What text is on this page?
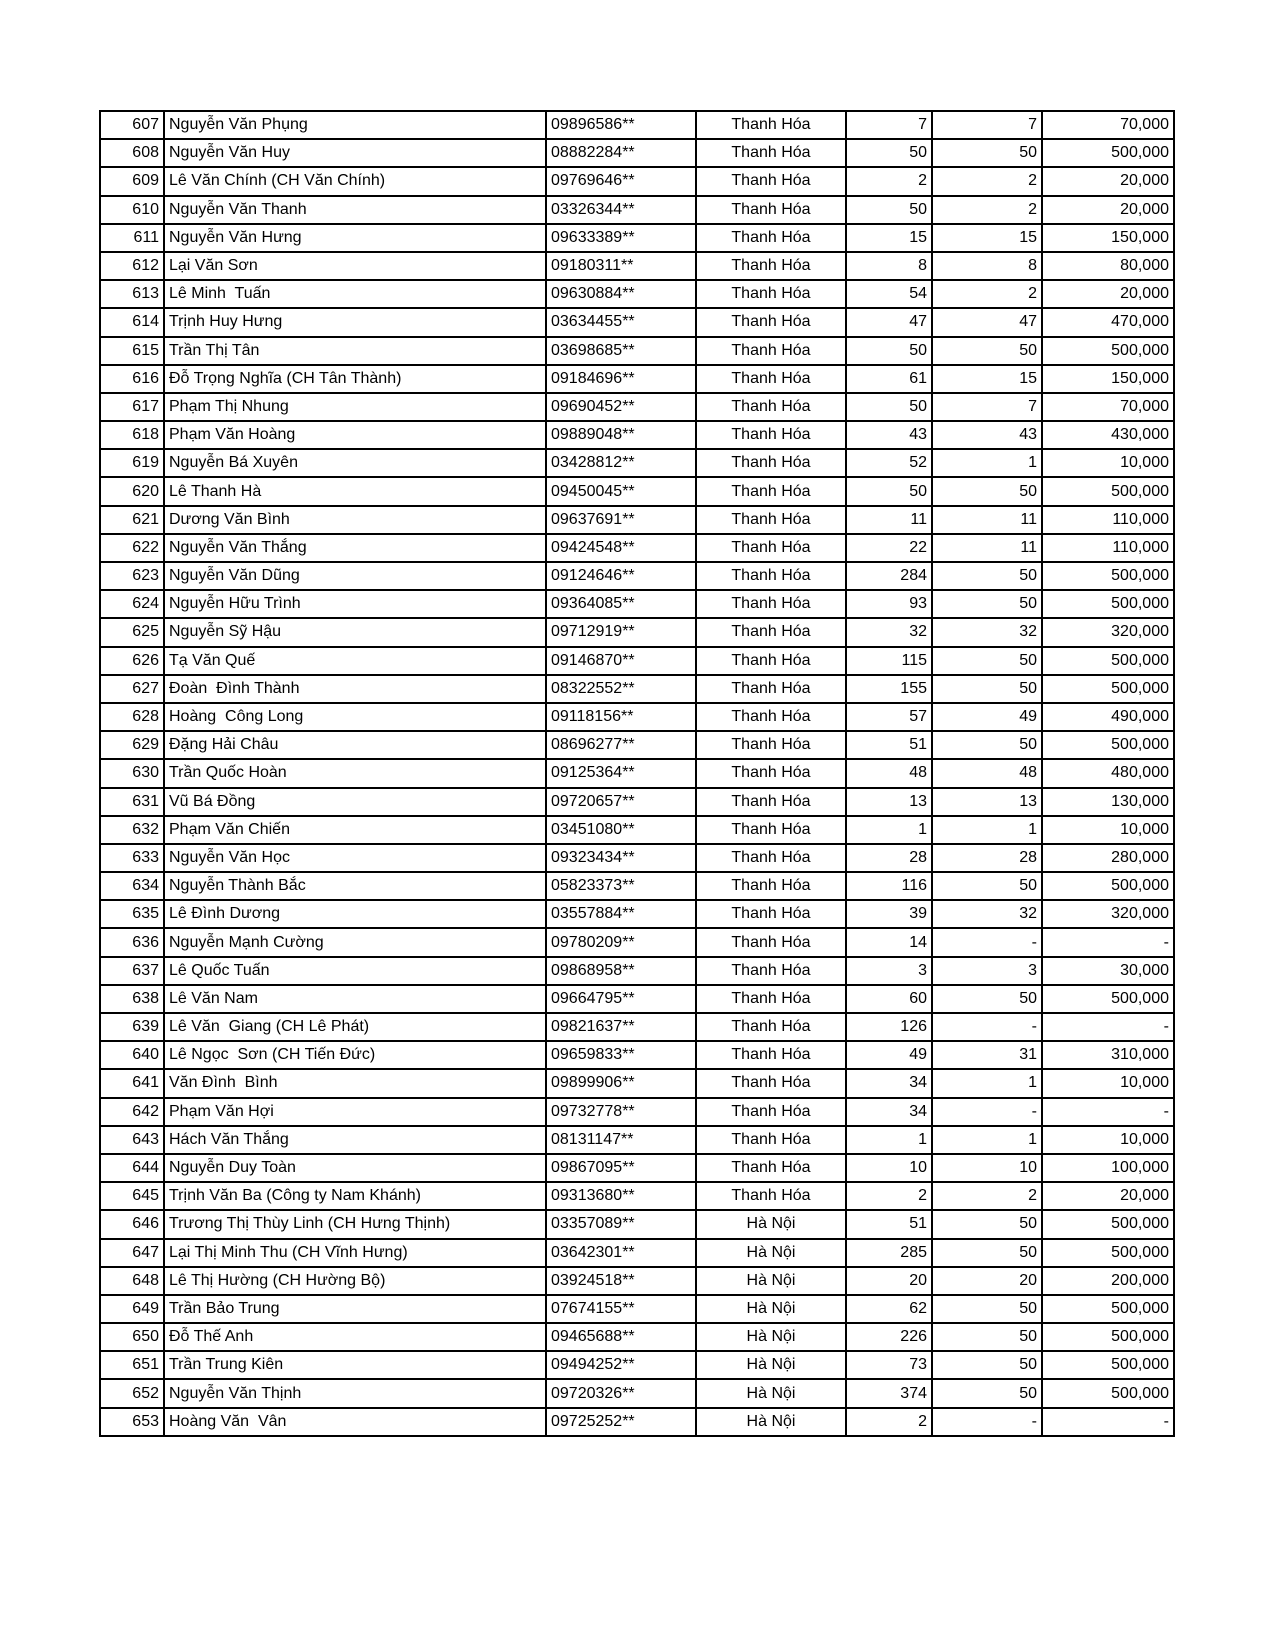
607	Nguyễn Văn Phụng	09896586**	Thanh Hóa	7	7	70,000
608	Nguyễn Văn Huy	08882284**	Thanh Hóa	50	50	500,000
609	Lê Văn Chính (CH Văn Chính)	09769646**	Thanh Hóa	2	2	20,000
610	Nguyễn Văn Thanh	03326344**	Thanh Hóa	50	2	20,000
611	Nguyễn Văn Hưng	09633389**	Thanh Hóa	15	15	150,000
612	Lại Văn Sơn	09180311**	Thanh Hóa	8	8	80,000
613	Lê Minh  Tuấn	09630884**	Thanh Hóa	54	2	20,000
614	Trịnh Huy Hưng	03634455**	Thanh Hóa	47	47	470,000
615	Trần Thị Tân	03698685**	Thanh Hóa	50	50	500,000
616	Đỗ Trọng Nghĩa (CH Tân Thành)	09184696**	Thanh Hóa	61	15	150,000
617	Phạm Thị Nhung	09690452**	Thanh Hóa	50	7	70,000
618	Phạm Văn Hoàng	09889048**	Thanh Hóa	43	43	430,000
619	Nguyễn Bá Xuyên	03428812**	Thanh Hóa	52	1	10,000
620	Lê Thanh Hà	09450045**	Thanh Hóa	50	50	500,000
621	Dương Văn Bình	09637691**	Thanh Hóa	11	11	110,000
622	Nguyễn Văn Thắng	09424548**	Thanh Hóa	22	11	110,000
623	Nguyễn Văn Dũng	09124646**	Thanh Hóa	284	50	500,000
624	Nguyễn Hữu Trình	09364085**	Thanh Hóa	93	50	500,000
625	Nguyễn Sỹ Hậu	09712919**	Thanh Hóa	32	32	320,000
626	Tạ Văn Quế	09146870**	Thanh Hóa	115	50	500,000
627	Đoàn  Đình Thành	08322552**	Thanh Hóa	155	50	500,000
628	Hoàng  Công Long	09118156**	Thanh Hóa	57	49	490,000
629	Đặng Hải Châu	08696277**	Thanh Hóa	51	50	500,000
630	Trần Quốc Hoàn	09125364**	Thanh Hóa	48	48	480,000
631	Vũ Bá Đồng	09720657**	Thanh Hóa	13	13	130,000
632	Phạm Văn Chiến	03451080**	Thanh Hóa	1	1	10,000
633	Nguyễn Văn Học	09323434**	Thanh Hóa	28	28	280,000
634	Nguyễn Thành Bắc	05823373**	Thanh Hóa	116	50	500,000
635	Lê Đình Dương	03557884**	Thanh Hóa	39	32	320,000
636	Nguyễn Mạnh Cường	09780209**	Thanh Hóa	14	-	-
637	Lê Quốc Tuấn	09868958**	Thanh Hóa	3	3	30,000
638	Lê Văn Nam	09664795**	Thanh Hóa	60	50	500,000
639	Lê Văn  Giang (CH Lê Phát)	09821637**	Thanh Hóa	126	-	-
640	Lê Ngọc  Sơn (CH Tiến Đức)	09659833**	Thanh Hóa	49	31	310,000
641	Văn Đình  Bình	09899906**	Thanh Hóa	34	1	10,000
642	Phạm Văn Hợi	09732778**	Thanh Hóa	34	-	-
643	Hách Văn Thắng	08131147**	Thanh Hóa	1	1	10,000
644	Nguyễn Duy Toàn	09867095**	Thanh Hóa	10	10	100,000
645	Trịnh Văn Ba (Công ty Nam Khánh)	09313680**	Thanh Hóa	2	2	20,000
646	Trương Thị Thùy Linh (CH Hưng Thịnh)	03357089**	Hà Nội	51	50	500,000
647	Lại Thị Minh Thu (CH Vĩnh Hưng)	03642301**	Hà Nội	285	50	500,000
648	Lê Thị Hường (CH Hường Bộ)	03924518**	Hà Nội	20	20	200,000
649	Trần Bảo Trung	07674155**	Hà Nội	62	50	500,000
650	Đỗ Thế Anh	09465688**	Hà Nội	226	50	500,000
651	Trần Trung Kiên	09494252**	Hà Nội	73	50	500,000
652	Nguyễn Văn Thịnh	09720326**	Hà Nội	374	50	500,000
653	Hoàng Văn  Vân	09725252**	Hà Nội	2	-	-
